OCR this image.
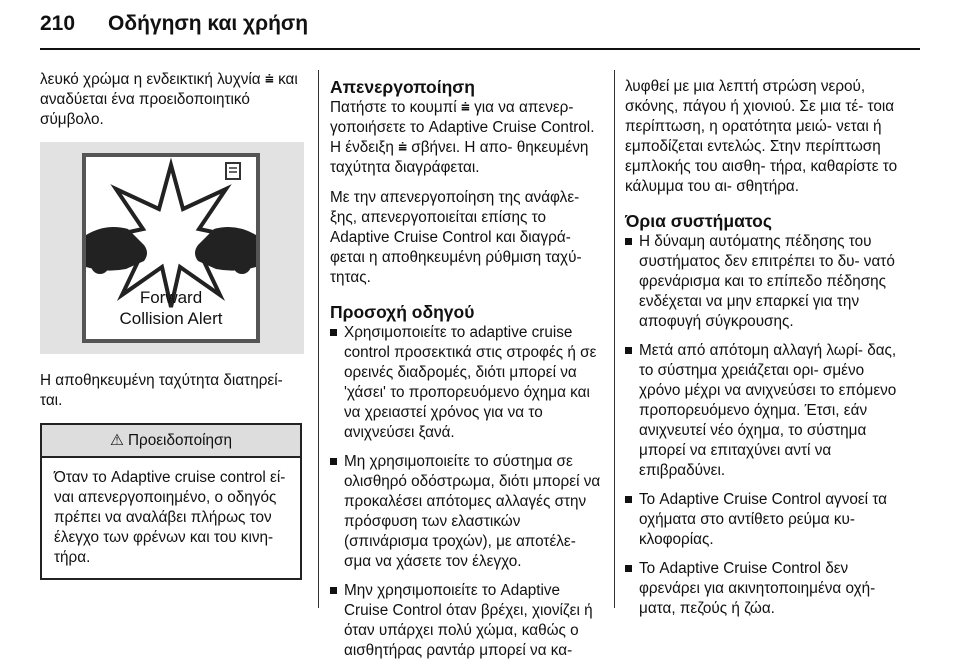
210 Οδήγηση και χρήση

λευκό χρώμα η ενδεικτική λυχνία ⩧ και αναδύεται ένα προειδοποιητικό σύμβολο.

Forward
Collision Alert

Η αποθηκευμένη ταχύτητα διατηρεί- ται.

⚠ Προειδοποίηση
Όταν το Adaptive cruise control εί- ναι απενεργοποιημένο, ο οδηγός πρέπει να αναλάβει πλήρως τον έλεγχο των φρένων και του κινη- τήρα.
Απενεργοποίηση

Πατήστε το κουμπί ⩧ για να απενερ- γοποιήσετε το Adaptive Cruise Control. Η ένδειξη ⩧ σβήνει. Η απο- θηκευμένη ταχύτητα διαγράφεται.

Με την απενεργοποίηση της ανάφλε- ξης, απενεργοποιείται επίσης το Adaptive Cruise Control και διαγρά- φεται η αποθηκευμένη ρύθμιση ταχύ- τητας.

Προσοχή οδηγού
Χρησιμοποιείτε το adaptive cruise control προσεκτικά στις στροφές ή σε ορεινές διαδρομές, διότι μπορεί να 'χάσει' το προπορευόμενο όχημα και να χρειαστεί χρόνος για να το ανιχνεύσει ξανά.
Μη χρησιμοποιείτε το σύστημα σε ολισθηρό οδόστρωμα, διότι μπορεί να προκαλέσει απότομες αλλαγές στην πρόσφυση των ελαστικών (σπινάρισμα τροχών), με αποτέλε- σμα να χάσετε τον έλεγχο.
Μην χρησιμοποιείτε το Adaptive Cruise Control όταν βρέχει, χιονίζει ή όταν υπάρχει πολύ χώμα, καθώς ο αισθητήρας ραντάρ μπορεί να κα-

λυφθεί με μια λεπτή στρώση νερού, σκόνης, πάγου ή χιονιού. Σε μια τέ- τοια περίπτωση, η ορατότητα μειώ- νεται ή εμποδίζεται εντελώς. Στην περίπτωση εμπλοκής του αισθη- τήρα, καθαρίστε το κάλυμμα του αι- σθητήρα.

Όρια συστήματος
Η δύναμη αυτόματης πέδησης του συστήματος δεν επιτρέπει το δυ- νατό φρενάρισμα και το επίπεδο πέδησης ενδέχεται να μην επαρκεί για την αποφυγή σύγκρουσης.
Μετά από απότομη αλλαγή λωρί- δας, το σύστημα χρειάζεται ορι- σμένο χρόνο μέχρι να ανιχνεύσει το επόμενο προπορευόμενο όχημα. Έτσι, εάν ανιχνευτεί νέο όχημα, το σύστημα μπορεί να επιταχύνει αντί να επιβραδύνει.
Το Adaptive Cruise Control αγνοεί τα οχήματα στο αντίθετο ρεύμα κυ- κλοφορίας.
Το Adaptive Cruise Control δεν φρενάρει για ακινητοποιημένα οχή- ματα, πεζούς ή ζώα.
